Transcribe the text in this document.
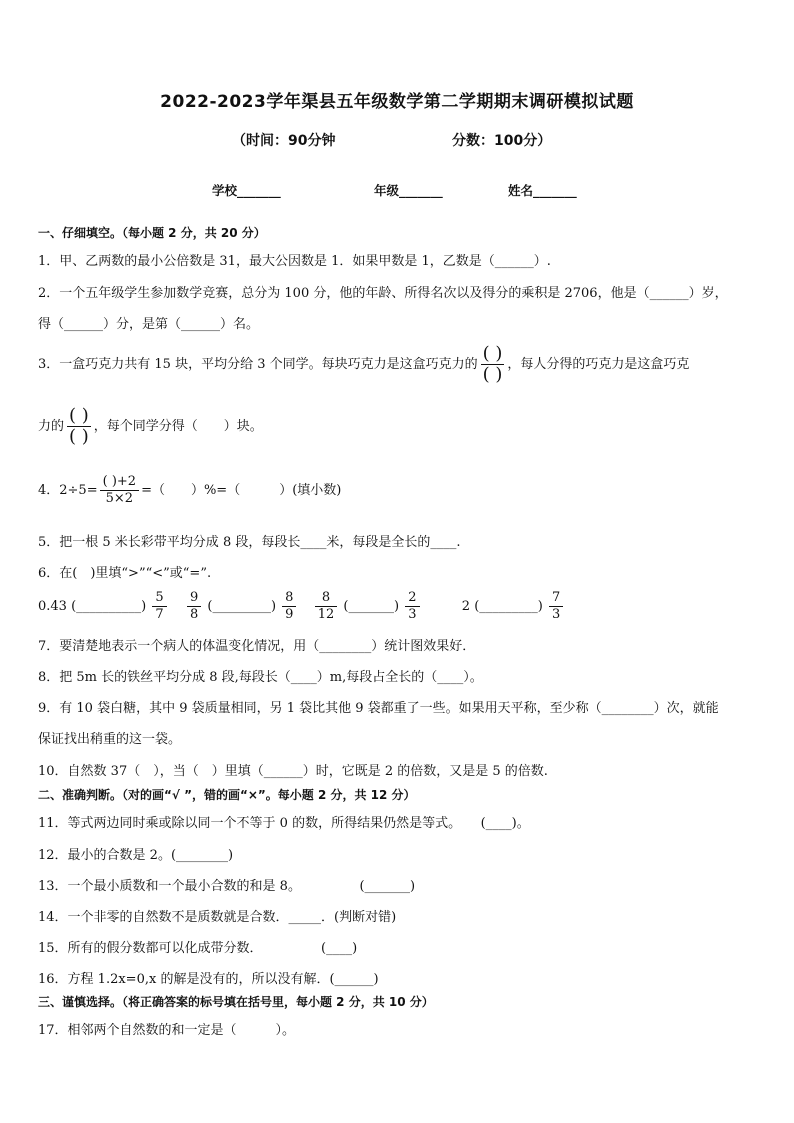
2022-2023学年渠县五年级数学第二学期期末调研模拟试题
（时间：90分钟	分数：100分）
学校_______	年级_______	姓名_______
一、仔细填空。（每小题 2 分，共 20 分）
1．甲、乙两数的最小公倍数是 31，最大公因数是 1．如果甲数是 1，乙数是（______）.
2．一个五年级学生参加数学竞赛，总分为 100 分，他的年龄、所得名次以及得分的乘积是 2706，他是（______）岁，
得（______）分，是第（______）名。
3．一盒巧克力共有 15 块，平均分给 3 个同学。每块巧克力是这盒巧克力的
( )
( ) ，每人分得的巧克力是这盒巧克
力的
( )
( ) ，每个同学分得（　　）块。
4．$2\div 5= \frac{( )+2}{5\times 2}$ =（　　）%=（　　　）(填小数)
5．把一根 5 米长彩带平均分成 8 段，每段长____米，每段是全长的____.
6．在(　)里填“>”“<”或“=”.
0.43 (__________) $\frac{5}{7}$
$\frac{9}{8}$ (_________) $\frac{8}{9}$
$\frac{8}{12}$ (_______) $\frac{2}{3}$	2 (_________) $\frac{7}{3}$
7．要清楚地表示一个病人的体温变化情况，用（________）统计图效果好．
8．把 5m 长的铁丝平均分成 8 段,每段长（____）m,每段占全长的（____）。
9．有 10 袋白糖，其中 9 袋质量相同，另 1 袋比其他 9 袋都重了一些。如果用天平称，至少称（________）次，就能
保证找出稍重的这一袋。
10．自然数 37（　），当（　）里填（______）时，它既是 2 的倍数，又是是 5 的倍数.
二、准确判断。（对的画“√ ”，错的画“×”。每小题 2 分，共 12 分）
11．等式两边同时乘或除以同一个不等于 0 的数，所得结果仍然是等式。　　(____)。
12．最小的合数是 2。(________)
13．一个最小质数和一个最小合数的和是 8。　　　　　(_______)
14．一个非零的自然数不是质数就是合数．_____．(判断对错)
15．所有的假分数都可以化成带分数．　　　　　(____)
16．方程 1.2x=0,x 的解是没有的，所以没有解．(______)
三、谨慎选择。（将正确答案的标号填在括号里，每小题 2 分，共 10 分）
17．相邻两个自然数的和一定是（　　　）。
